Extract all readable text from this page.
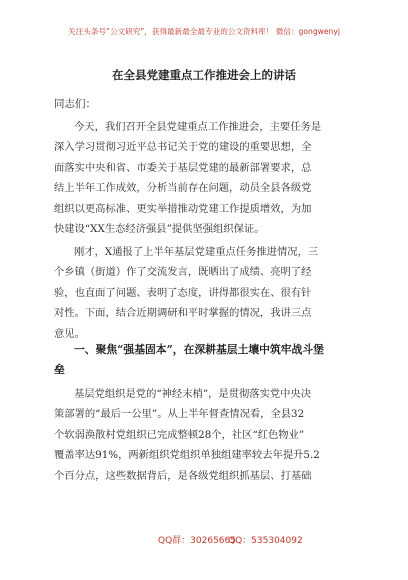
关注头条号“公文研究”，获得最新最全最专业的公文资料库！ 微信：gongwenyj
在全县党建重点工作推进会上的讲话
同志们：
今天，我们召开全县党建重点工作推进会，主要任务是
深入学习贯彻习近平总书记关于党的建设的重要思想，全
面落实中央和省、市委关于基层党建的最新部署要求，总
结上半年工作成效，分析当前存在问题，动员全县各级党
组织以更高标准、更实举措推动党建工作提质增效，为加
快建设“XX生态经济强县”提供坚强组织保证。
刚才，X通报了上半年基层党建重点任务推进情况，三
个乡镇（街道）作了交流发言，既晒出了成绩、亮明了经
验，也直面了问题、表明了态度，讲得都很实在、很有针
对性。下面，结合近期调研和平时掌握的情况，我讲三点
意见。
一、聚焦“强基固本”，在深耕基层土壤中筑牢战斗堡
垒
基层党组织是党的“神经末梢”，是贯彻落实党中央决
策部署的“最后一公里”。从上半年督查情况看，全县32
个软弱涣散村党组织已完成整顿28个，社区“红色物业”
覆盖率达91%，两新组织党组织单独组建率较去年提升5.2
个百分点，这些数据背后，是各级党组织抓基层、打基础
QQ群：30265665
QQ：535304092
